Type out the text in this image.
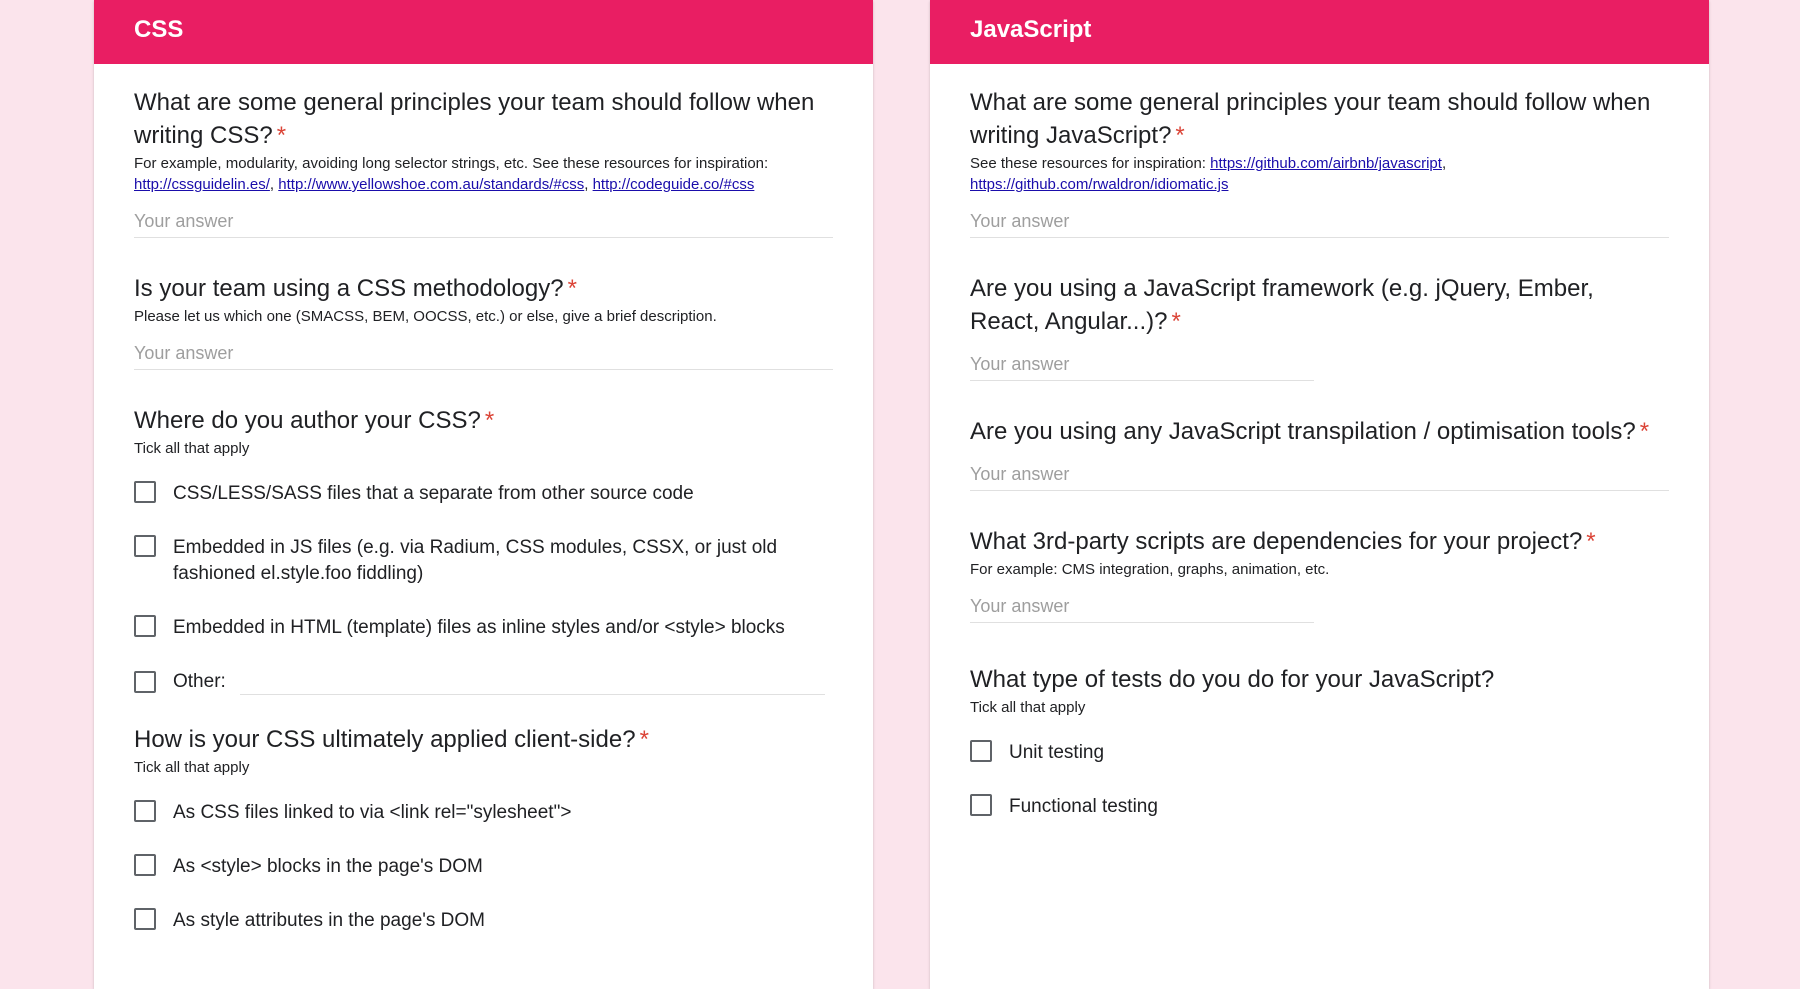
CSS
What are some general principles your team should follow when writing CSS? *
For example, modularity, avoiding long selector strings, etc. See these resources for inspiration:
http://cssguidelin.es/, http://www.yellowshoe.com.au/standards/#css, http://codeguide.co/#css
Your answer
Is your team using a CSS methodology? *
Please let us which one (SMACSS, BEM, OOCSS, etc.) or else, give a brief description.
Your answer
Where do you author your CSS? *
Tick all that apply
CSS/LESS/SASS files that a separate from other source code
Embedded in JS files (e.g. via Radium, CSS modules, CSSX, or just old fashioned el.style.foo fiddling)
Embedded in HTML (template) files as inline styles and/or <style> blocks
Other:
How is your CSS ultimately applied client-side? *
Tick all that apply
As CSS files linked to via <link rel="sylesheet">
As <style> blocks in the page's DOM
As style attributes in the page's DOM
JavaScript
What are some general principles your team should follow when writing JavaScript? *
See these resources for inspiration: https://github.com/airbnb/javascript,
https://github.com/rwaldron/idiomatic.js
Your answer
Are you using a JavaScript framework (e.g. jQuery, Ember, React, Angular...)? *
Your answer
Are you using any JavaScript transpilation / optimisation tools? *
Your answer
What 3rd-party scripts are dependencies for your project? *
For example: CMS integration, graphs, animation, etc.
Your answer
What type of tests do you do for your JavaScript?
Tick all that apply
Unit testing
Functional testing
